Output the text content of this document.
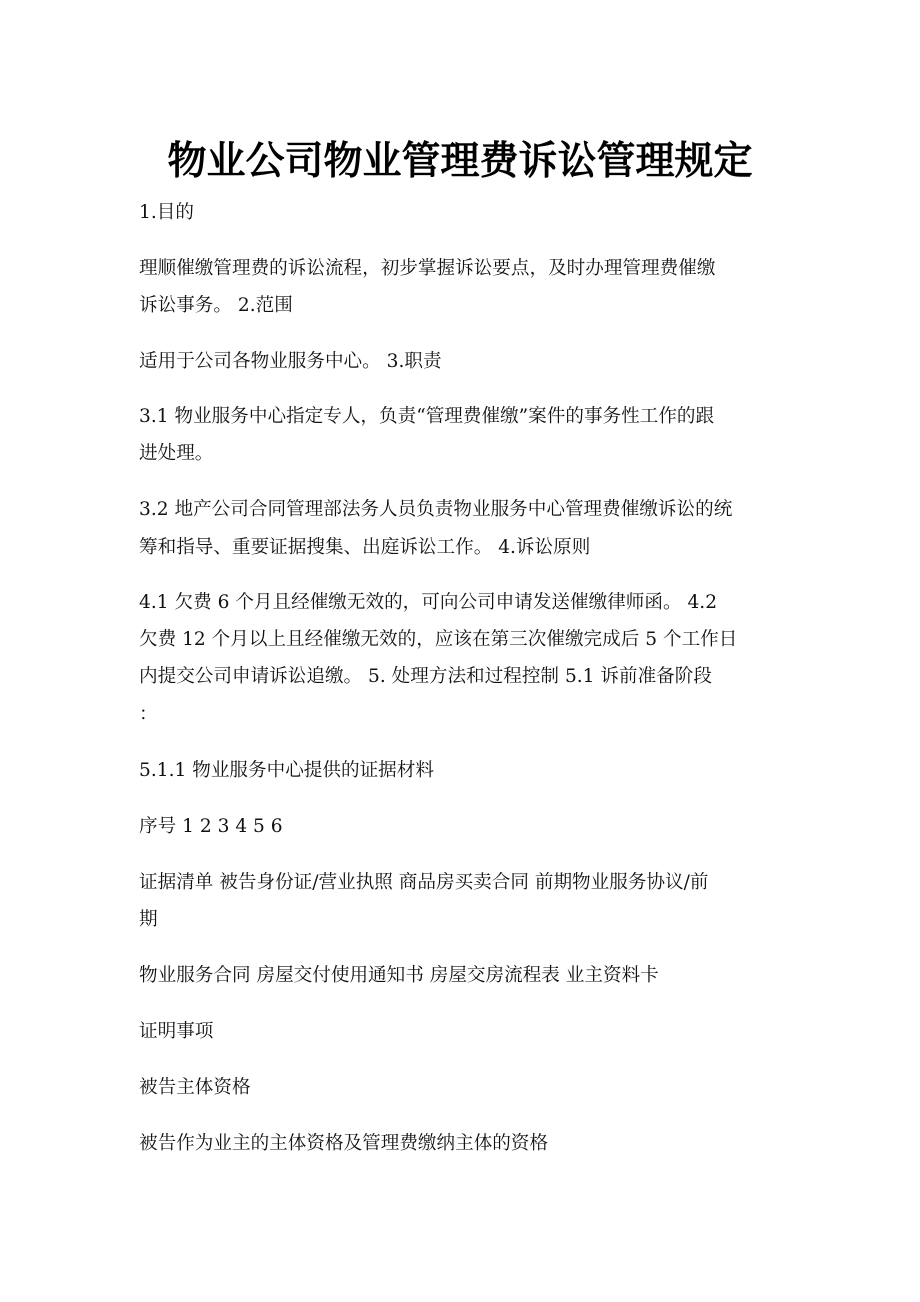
物业公司物业管理费诉讼管理规定
1.目的
理顺催缴管理费的诉讼流程，初步掌握诉讼要点，及时办理管理费催缴
诉讼事务。 2.范围
适用于公司各物业服务中心。 3.职责
3.1 物业服务中心指定专人，负责“管理费催缴”案件的事务性工作的跟
进处理。
3.2 地产公司合同管理部法务人员负责物业服务中心管理费催缴诉讼的统
筹和指导、重要证据搜集、出庭诉讼工作。 4.诉讼原则
4.1 欠费 6 个月且经催缴无效的，可向公司申请发送催缴律师函。 4.2
欠费 12 个月以上且经催缴无效的，应该在第三次催缴完成后 5 个工作日
内提交公司申请诉讼追缴。 5. 处理方法和过程控制 5.1 诉前准备阶段
：
5.1.1 物业服务中心提供的证据材料
序号 1 2 3 4 5 6
证据清单 被告身份证/营业执照 商品房买卖合同 前期物业服务协议/前
期
物业服务合同 房屋交付使用通知书 房屋交房流程表 业主资料卡
证明事项
被告主体资格
被告作为业主的主体资格及管理费缴纳主体的资格
